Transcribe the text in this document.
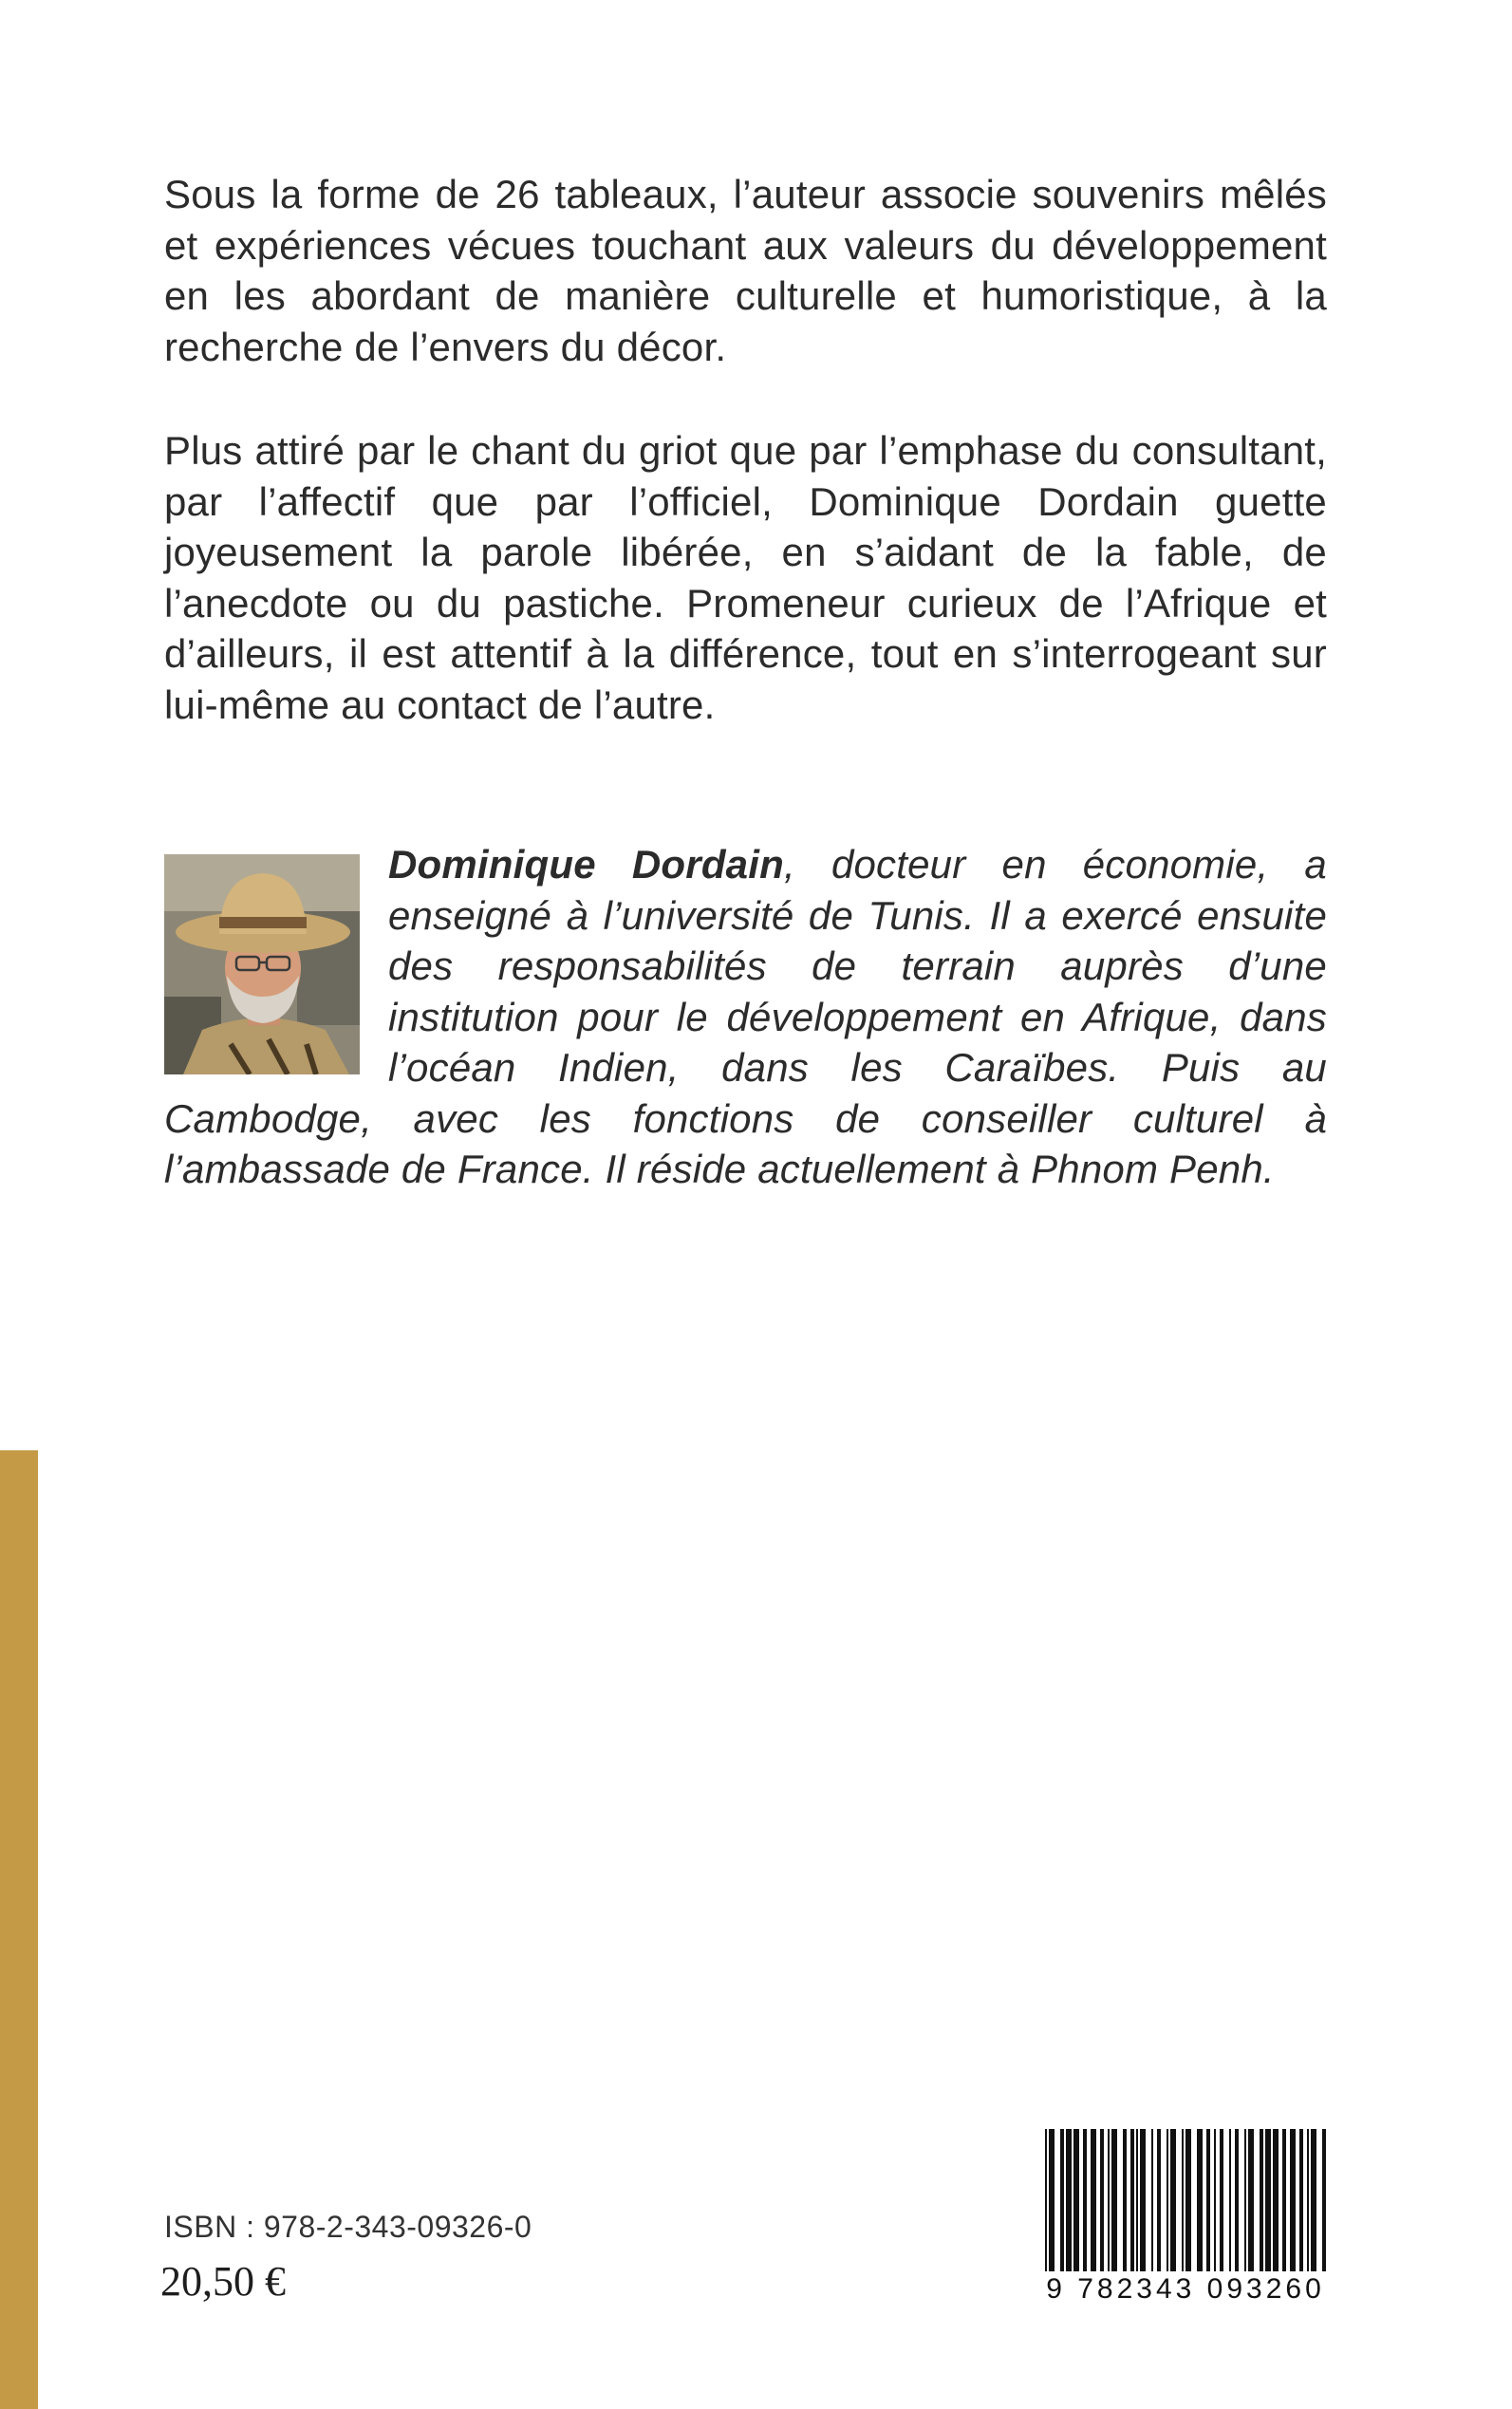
Sous la forme de 26 tableaux, l’auteur associe souvenirs mêlés et expériences vécues touchant aux valeurs du développement en les abordant de manière culturelle et humoristique, à la recherche de l’envers du décor.

Plus attiré par le chant du griot que par l’emphase du consultant, par l’affectif que par l’officiel, Dominique Dordain guette joyeusement la parole libérée, en s’aidant de la fable, de l’anecdote ou du pastiche. Promeneur curieux de l’Afrique et d’ailleurs, il est attentif à la différence, tout en s’interrogeant sur lui-même au contact de l’autre.

Dominique Dordain, docteur en économie, a enseigné à l’université de Tunis. Il a exercé ensuite des responsabilités de terrain auprès d’une institution pour le développement en Afrique, dans l’océan Indien, dans les Caraïbes. Puis au Cambodge, avec les fonctions de conseiller culturel à l’ambassade de France. Il réside actuellement à Phnom Penh.
ISBN : 978-2-343-09326-0
20,50 €	9 782343 093260
